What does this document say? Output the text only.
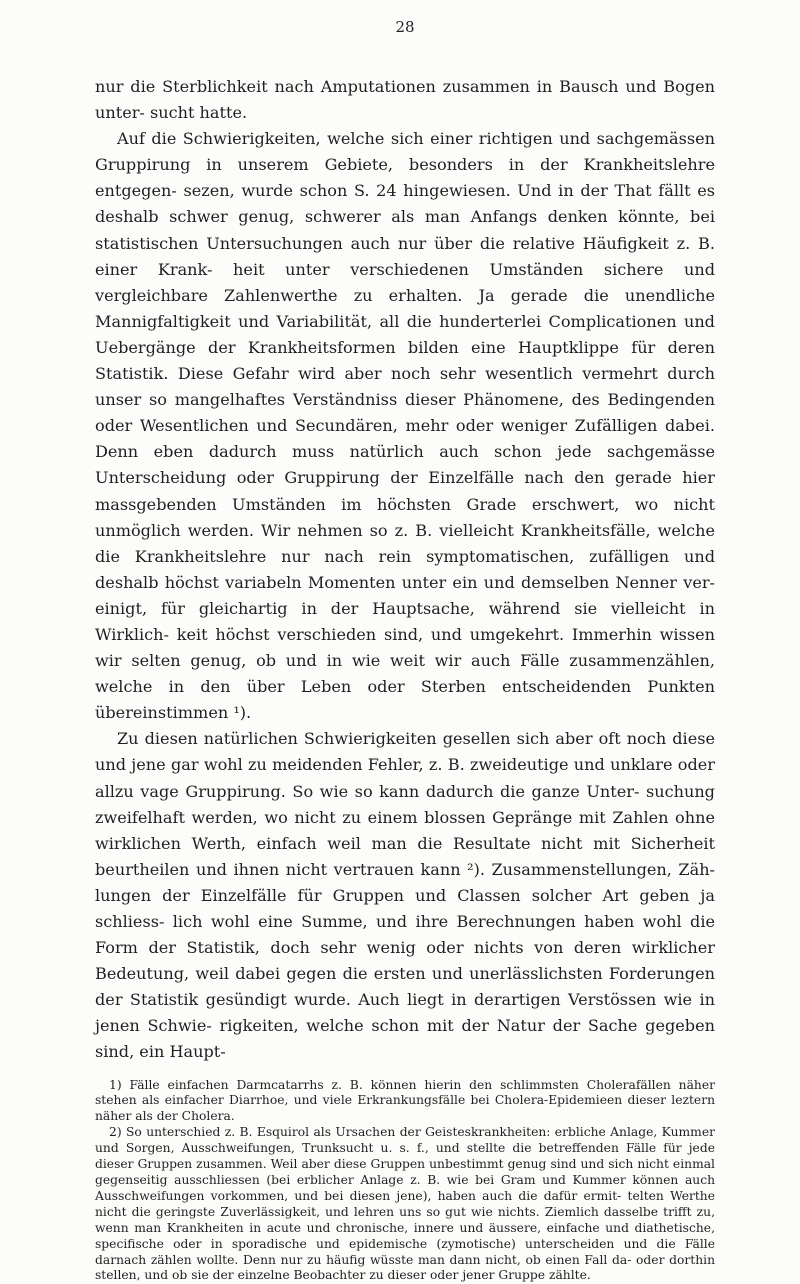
28

nur die Sterblichkeit nach Amputationen zusammen in Bausch und Bogen unter- sucht hatte.

Auf die Schwierigkeiten, welche sich einer richtigen und sachgemässen Gruppirung in unserem Gebiete, besonders in der Krankheitslehre entgegen- sezen, wurde schon S. 24 hingewiesen. Und in der That fällt es deshalb schwer genug, schwerer als man Anfangs denken könnte, bei statistischen Untersuchungen auch nur über die relative Häufigkeit z. B. einer Krank- heit unter verschiedenen Umständen sichere und vergleichbare Zahlenwerthe zu erhalten. Ja gerade die unendliche Mannigfaltigkeit und Variabilität, all die hunderterlei Complicationen und Uebergänge der Krankheitsformen bilden eine Hauptklippe für deren Statistik. Diese Gefahr wird aber noch sehr wesentlich vermehrt durch unser so mangelhaftes Verständniss dieser Phänomene, des Bedingenden oder Wesentlichen und Secundären, mehr oder weniger Zufälligen dabei. Denn eben dadurch muss natürlich auch schon jede sachgemässe Unterscheidung oder Gruppirung der Einzelfälle nach den gerade hier massgebenden Umständen im höchsten Grade erschwert, wo nicht unmöglich werden. Wir nehmen so z. B. vielleicht Krankheitsfälle, welche die Krankheitslehre nur nach rein symptomatischen, zufälligen und deshalb höchst variabeln Momenten unter ein und demselben Nenner ver- einigt, für gleichartig in der Hauptsache, während sie vielleicht in Wirklich- keit höchst verschieden sind, und umgekehrt. Immerhin wissen wir selten genug, ob und in wie weit wir auch Fälle zusammenzählen, welche in den über Leben oder Sterben entscheidenden Punkten übereinstimmen ¹).

Zu diesen natürlichen Schwierigkeiten gesellen sich aber oft noch diese und jene gar wohl zu meidenden Fehler, z. B. zweideutige und unklare oder allzu vage Gruppirung. So wie so kann dadurch die ganze Unter- suchung zweifelhaft werden, wo nicht zu einem blossen Gepränge mit Zahlen ohne wirklichen Werth, einfach weil man die Resultate nicht mit Sicherheit beurtheilen und ihnen nicht vertrauen kann ²). Zusammenstellungen, Zäh- lungen der Einzelfälle für Gruppen und Classen solcher Art geben ja schliess- lich wohl eine Summe, und ihre Berechnungen haben wohl die Form der Statistik, doch sehr wenig oder nichts von deren wirklicher Bedeutung, weil dabei gegen die ersten und unerlässlichsten Forderungen der Statistik gesündigt wurde. Auch liegt in derartigen Verstössen wie in jenen Schwie- rigkeiten, welche schon mit der Natur der Sache gegeben sind, ein Haupt-

1) Fälle einfachen Darmcatarrhs z. B. können hierin den schlimmsten Cholerafällen näher stehen als einfacher Diarrhoe, und viele Erkrankungsfälle bei Cholera-Epidemieen dieser leztern näher als der Cholera.

2) So unterschied z. B. Esquirol als Ursachen der Geisteskrankheiten: erbliche Anlage, Kummer und Sorgen, Ausschweifungen, Trunksucht u. s. f., und stellte die betreffenden Fälle für jede dieser Gruppen zusammen. Weil aber diese Gruppen unbestimmt genug sind und sich nicht einmal gegenseitig ausschliessen (bei erblicher Anlage z. B. wie bei Gram und Kummer können auch Ausschweifungen vorkommen, und bei diesen jene), haben auch die dafür ermit- telten Werthe nicht die geringste Zuverlässigkeit, und lehren uns so gut wie nichts. Ziemlich dasselbe trifft zu, wenn man Krankheiten in acute und chronische, innere und äussere, einfache und diathetische, specifische oder in sporadische und epidemische (zymotische) unterscheiden und die Fälle darnach zählen wollte. Denn nur zu häufig wüsste man dann nicht, ob einen Fall da- oder dorthin stellen, und ob sie der einzelne Beobachter zu dieser oder jener Gruppe zählte.
